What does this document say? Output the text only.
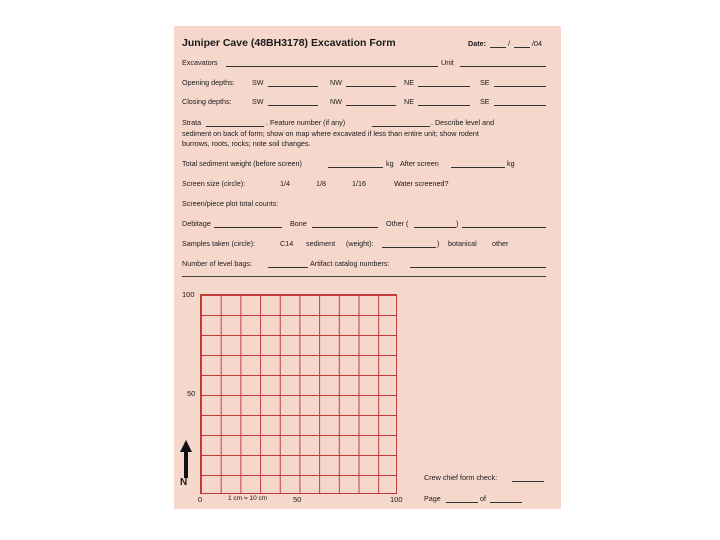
Juniper Cave (48BH3178) Excavation Form	Date:	/	/04
Excavators	Unit
Opening depths: SW	NW	NE	SE
Closing depths:	SW	NW	NE	SE
Strata	. Feature number (if any)	. Describe level and
sediment on back of form; show on map where excavated if less than entire unit; show rodent
burrows, roots, rocks; note soil changes.
Total sediment weight (before screen)	kg After screen	kg
Screen size (circle):	1/4	1/8	1/16	Water screened?
Screen/piece plot total counts:
Debitage	Bone	Other (	)
Samples taken (circle):	C14 sediment (weight):	) botanical other
Number of level bags:	Artifact catalog numbers:
100
50
N
0	1 cm = 10 cm	50	100
Crew chief form check:
Page	of
